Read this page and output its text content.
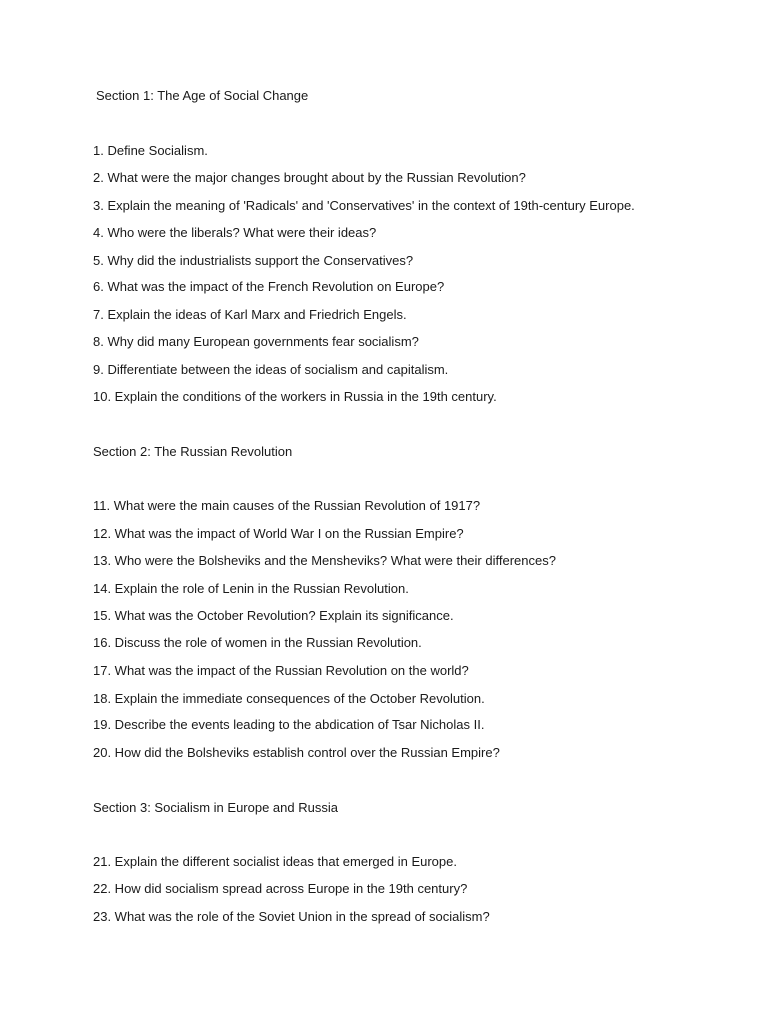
Section 1: The Age of Social Change
1. Define Socialism.
2. What were the major changes brought about by the Russian Revolution?
3. Explain the meaning of 'Radicals' and 'Conservatives' in the context of 19th-century Europe.
4. Who were the liberals? What were their ideas?
5. Why did the industrialists support the Conservatives?
6. What was the impact of the French Revolution on Europe?
7. Explain the ideas of Karl Marx and Friedrich Engels.
8. Why did many European governments fear socialism?
9. Differentiate between the ideas of socialism and capitalism.
10. Explain the conditions of the workers in Russia in the 19th century.
Section 2: The Russian Revolution
11. What were the main causes of the Russian Revolution of 1917?
12. What was the impact of World War I on the Russian Empire?
13. Who were the Bolsheviks and the Mensheviks? What were their differences?
14. Explain the role of Lenin in the Russian Revolution.
15. What was the October Revolution? Explain its significance.
16. Discuss the role of women in the Russian Revolution.
17. What was the impact of the Russian Revolution on the world?
18. Explain the immediate consequences of the October Revolution.
19. Describe the events leading to the abdication of Tsar Nicholas II.
20. How did the Bolsheviks establish control over the Russian Empire?
Section 3: Socialism in Europe and Russia
21. Explain the different socialist ideas that emerged in Europe.
22. How did socialism spread across Europe in the 19th century?
23. What was the role of the Soviet Union in the spread of socialism?
